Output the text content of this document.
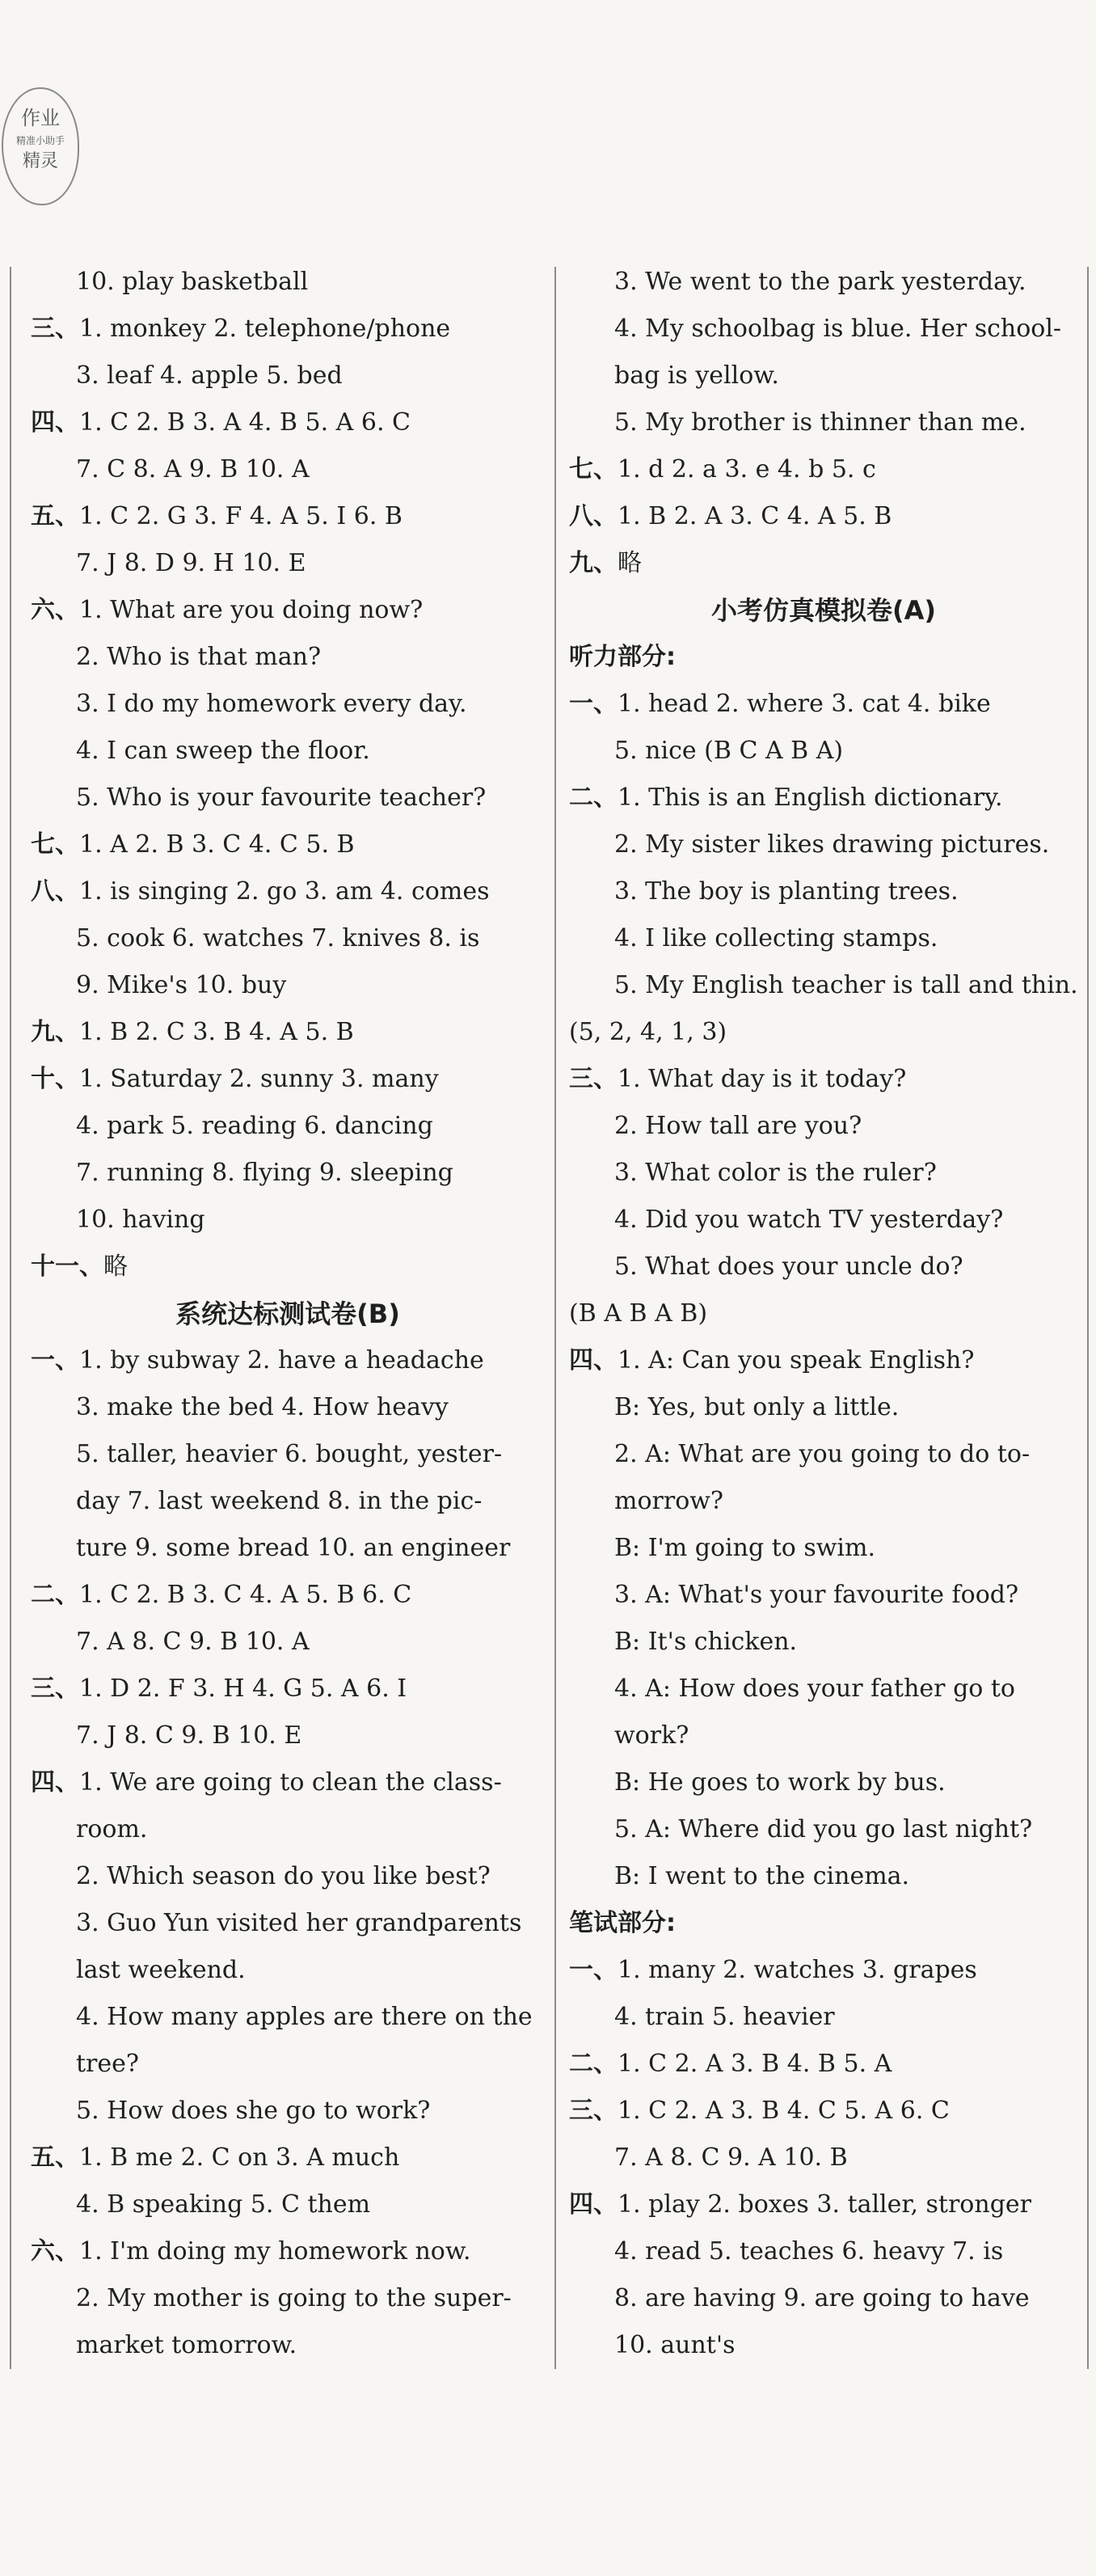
作业
精准小助手
精灵
10. play basketball
三、1. monkey 2. telephone/phone
3. leaf 4. apple 5. bed
四、1. C 2. B 3. A 4. B 5. A 6. C
7. C 8. A 9. B 10. A
五、1. C 2. G 3. F 4. A 5. I 6. B
7. J 8. D 9. H 10. E
六、1. What are you doing now?
2. Who is that man?
3. I do my homework every day.
4. I can sweep the floor.
5. Who is your favourite teacher?
七、1. A 2. B 3. C 4. C 5. B
八、1. is singing 2. go 3. am 4. comes
5. cook 6. watches 7. knives 8. is
9. Mike's 10. buy
九、1. B 2. C 3. B 4. A 5. B
十、1. Saturday 2. sunny 3. many
4. park 5. reading 6. dancing
7. running 8. flying 9. sleeping
10. having
十一、略
系统达标测试卷(B)
一、1. by subway 2. have a headache
3. make the bed 4. How heavy
5. taller, heavier 6. bought, yester-
day 7. last weekend 8. in the pic-
ture 9. some bread 10. an engineer
二、1. C 2. B 3. C 4. A 5. B 6. C
7. A 8. C 9. B 10. A
三、1. D 2. F 3. H 4. G 5. A 6. I
7. J 8. C 9. B 10. E
四、1. We are going to clean the class-
room.
2. Which season do you like best?
3. Guo Yun visited her grandparents
last weekend.
4. How many apples are there on the
tree?
5. How does she go to work?
五、1. B me 2. C on 3. A much
4. B speaking 5. C them
六、1. I'm doing my homework now.
2. My mother is going to the super-
market tomorrow.
3. We went to the park yesterday.
4. My schoolbag is blue. Her school-
bag is yellow.
5. My brother is thinner than me.
七、1. d 2. a 3. e 4. b 5. c
八、1. B 2. A 3. C 4. A 5. B
九、略
小考仿真模拟卷(A)
听力部分:
一、1. head 2. where 3. cat 4. bike
5. nice (B C A B A)
二、1. This is an English dictionary.
2. My sister likes drawing pictures.
3. The boy is planting trees.
4. I like collecting stamps.
5. My English teacher is tall and thin.
(5, 2, 4, 1, 3)
三、1. What day is it today?
2. How tall are you?
3. What color is the ruler?
4. Did you watch TV yesterday?
5. What does your uncle do?
(B A B A B)
四、1. A: Can you speak English?
B: Yes, but only a little.
2. A: What are you going to do to-
morrow?
B: I'm going to swim.
3. A: What's your favourite food?
B: It's chicken.
4. A: How does your father go to
work?
B: He goes to work by bus.
5. A: Where did you go last night?
B: I went to the cinema.
笔试部分:
一、1. many 2. watches 3. grapes
4. train 5. heavier
二、1. C 2. A 3. B 4. B 5. A
三、1. C 2. A 3. B 4. C 5. A 6. C
7. A 8. C 9. A 10. B
四、1. play 2. boxes 3. taller, stronger
4. read 5. teaches 6. heavy 7. is
8. are having 9. are going to have
10. aunt's
